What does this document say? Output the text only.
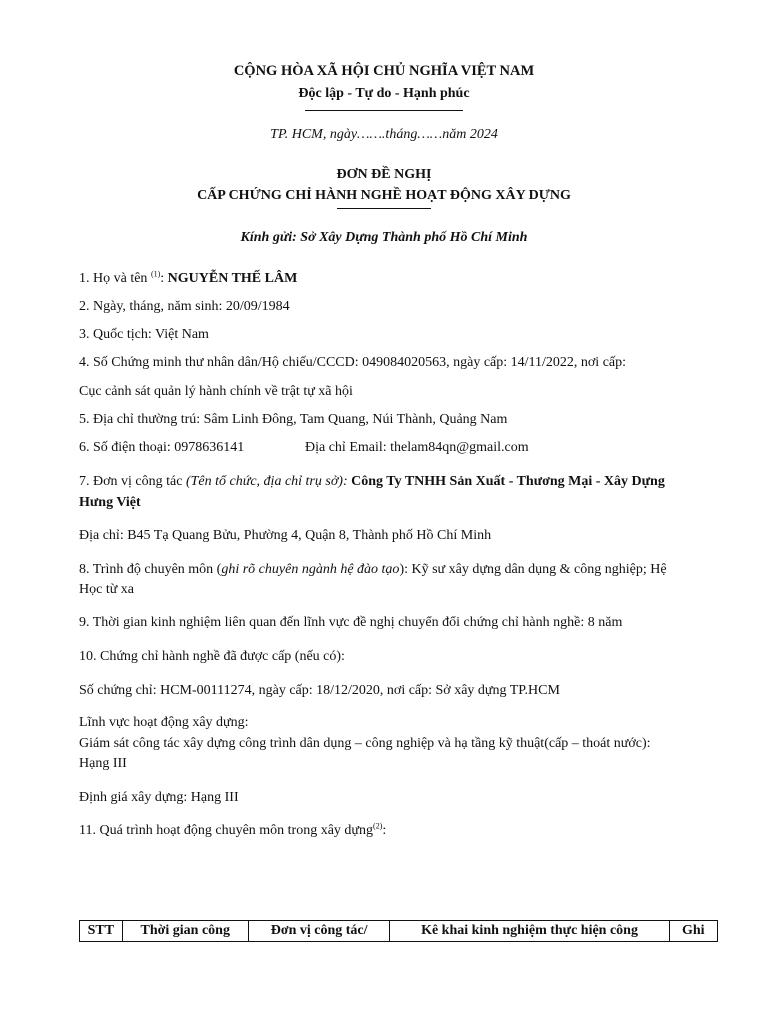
CỘNG HÒA XÃ HỘI CHỦ NGHĨA VIỆT NAM
Độc lập - Tự do - Hạnh phúc
TP. HCM, ngày…….tháng……năm 2024
ĐƠN ĐỀ NGHỊ
CẤP CHỨNG CHỈ HÀNH NGHỀ HOẠT ĐỘNG XÂY DỰNG
Kính gửi: Sở Xây Dựng Thành phố Hồ Chí Minh
1. Họ và tên $^{(1)}$: NGUYỄN THẾ LÂM
2. Ngày, tháng, năm sinh: 20/09/1984
3. Quốc tịch: Việt Nam
4. Số Chứng minh thư nhân dân/Hộ chiếu/CCCD: 049084020563, ngày cấp: 14/11/2022, nơi cấp:
Cục cảnh sát quản lý hành chính về trật tự xã hội
5. Địa chỉ thường trú: Sâm Linh Đông, Tam Quang, Núi Thành, Quảng Nam
6. Số điện thoại: 0978636141	Địa chỉ Email: thelam84qn@gmail.com
7. Đơn vị công tác (Tên tổ chức, địa chỉ trụ sở): Công Ty TNHH Sản Xuất - Thương Mại - Xây Dựng
Hưng Việt
Địa chỉ: B45 Tạ Quang Bửu, Phường 4, Quận 8, Thành phố Hồ Chí Minh
8. Trình độ chuyên môn (ghi rõ chuyên ngành hệ đào tạo): Kỹ sư xây dựng dân dụng & công nghiệp; Hệ
Học từ xa
9. Thời gian kinh nghiệm liên quan đến lĩnh vực đề nghị chuyển đổi chứng chỉ hành nghề: 8 năm
10. Chứng chỉ hành nghề đã được cấp (nếu có):
Số chứng chỉ: HCM-00111274, ngày cấp: 18/12/2020, nơi cấp: Sở xây dựng TP.HCM
Lĩnh vực hoạt động xây dựng:
Giám sát công tác xây dựng công trình dân dụng – công nghiệp và hạ tầng kỹ thuật(cấp – thoát nước):
Hạng III
Định giá xây dựng: Hạng III
11. Quá trình hoạt động chuyên môn trong xây dựng$^{(2)}$:
STT	Thời gian công	Đơn vị công tác/	Kê khai kinh nghiệm thực hiện công	Ghi
